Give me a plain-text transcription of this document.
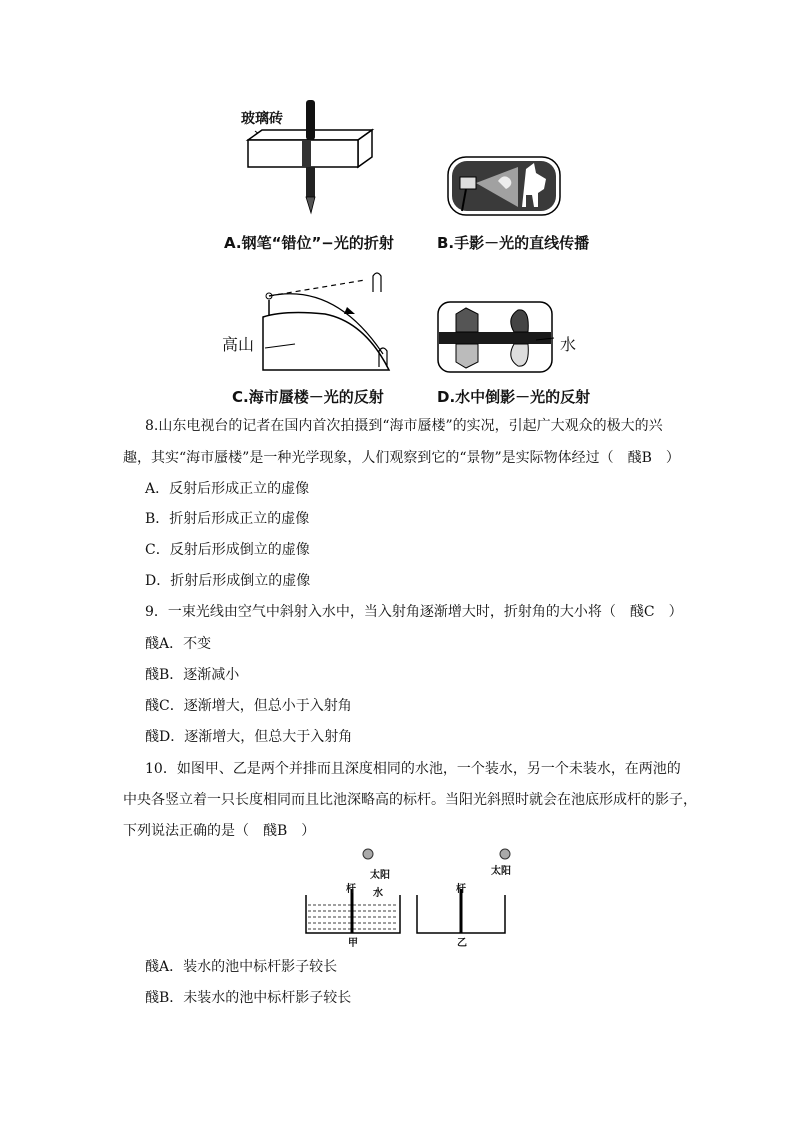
玻璃砖
A.钢笔“错位”−光的折射	B.手影－光的直线传播
高山
C.海市蜃楼－光的反射
水
D.水中倒影－光的反射
8.山东电视台的记者在国内首次拍摄到“海市蜃楼”的实况，引起广大观众的极大的兴
趣，其实“海市蜃楼”是一种光学现象，人们观察到它的“景物”是实际物体经过（　醆B　）
A．反射后形成正立的虚像
B．折射后形成正立的虚像
C．反射后形成倒立的虚像
D．折射后形成倒立的虚像
9．一束光线由空气中斜射入水中，当入射角逐渐增大时，折射角的大小将（　醆C　）
醆A．不变
醆B．逐渐减小
醆C．逐渐增大，但总小于入射角
醆D．逐渐增大，但总大于入射角
10．如图甲、乙是两个并排而且深度相同的水池，一个装水，另一个未装水，在两池的
中央各竖立着一只长度相同而且比池深略高的标杆。当阳光斜照时就会在池底形成杆的影子，
下列说法正确的是（　醆B　）
太阳
水
杆
甲
太阳
杆
乙
醆A．装水的池中标杆影子较长
醆B．未装水的池中标杆影子较长
